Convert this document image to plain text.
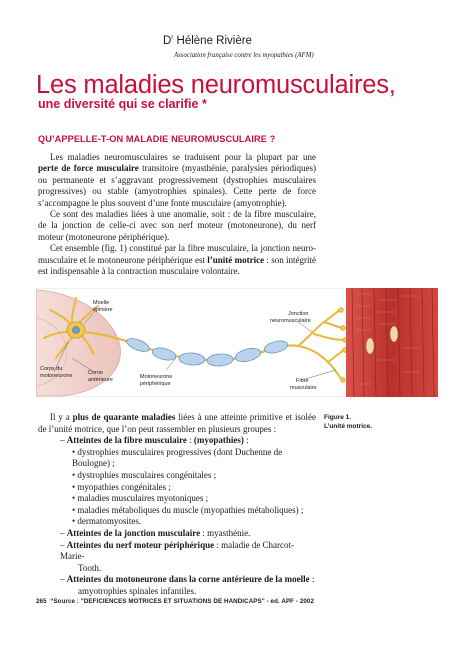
$D^r$ Hélène Rivière
Association française contre les myopathies (AFM)
Les maladies neuromusculaires,
une diversité qui se clarifie *
QU’APPELLE-T-ON MALADIE NEUROMUSCULAIRE ?

Les maladies neuromusculaires se traduisent pour la plupart par une perte de force musculaire transitoire (myasthénie, paralysies périodiques) ou permanente et s’aggravant progressivement (dystrophies musculaires progressives) ou stable (amyotrophies spinales). Cette perte de force s’accompagne le plus souvent d’une fonte musculaire (amyotrophie).

Ce sont des maladies liées à une anomalie, soit : de la fibre musculaire, de la jonction de celle-ci avec son nerf moteur (motoneurone), du nerf moteur (motoneurone périphérique).

Cet ensemble (fig. 1) constitué par la fibre musculaire, la jonction neuro-musculaire et le motoneurone périphérique est l’unité motrice : son intégrité est indispensable à la contraction musculaire volontaire.

Moelle épinière
Corps du motoneurone	Corne antérieure	Motoneurone périphérique
Jonction neuromusculaire
Fibre musculaire
Figure 1.
L’unité motrice.

Il y a plus de quarante maladies liées à une atteinte primitive et isolée de l’unité motrice, que l’on peut rassembler en plusieurs groupes :

– Atteintes de la fibre musculaire : (myopathies) :

• dystrophies musculaires progressives (dont Duchenne de Boulogne) ;

• dystrophies musculaires congénitales ;

• myopathies congénitales ;

• maladies musculaires myotoniques ;

• maladies métaboliques du muscle (myopathies métaboliques) ;

• dermatomyosites.

– Atteintes de la jonction musculaire : myasthénie.

– Atteintes du nerf moteur périphérique : maladie de Charcot-Marie-

Tooth.

– Atteintes du motoneurone dans la corne antérieure de la moelle :

amyotrophies spinales infantiles.

265 “Source : "DEFICIENCES MOTRICES ET SITUATIONS DE HANDICAPS" - ed. APF - 2002
